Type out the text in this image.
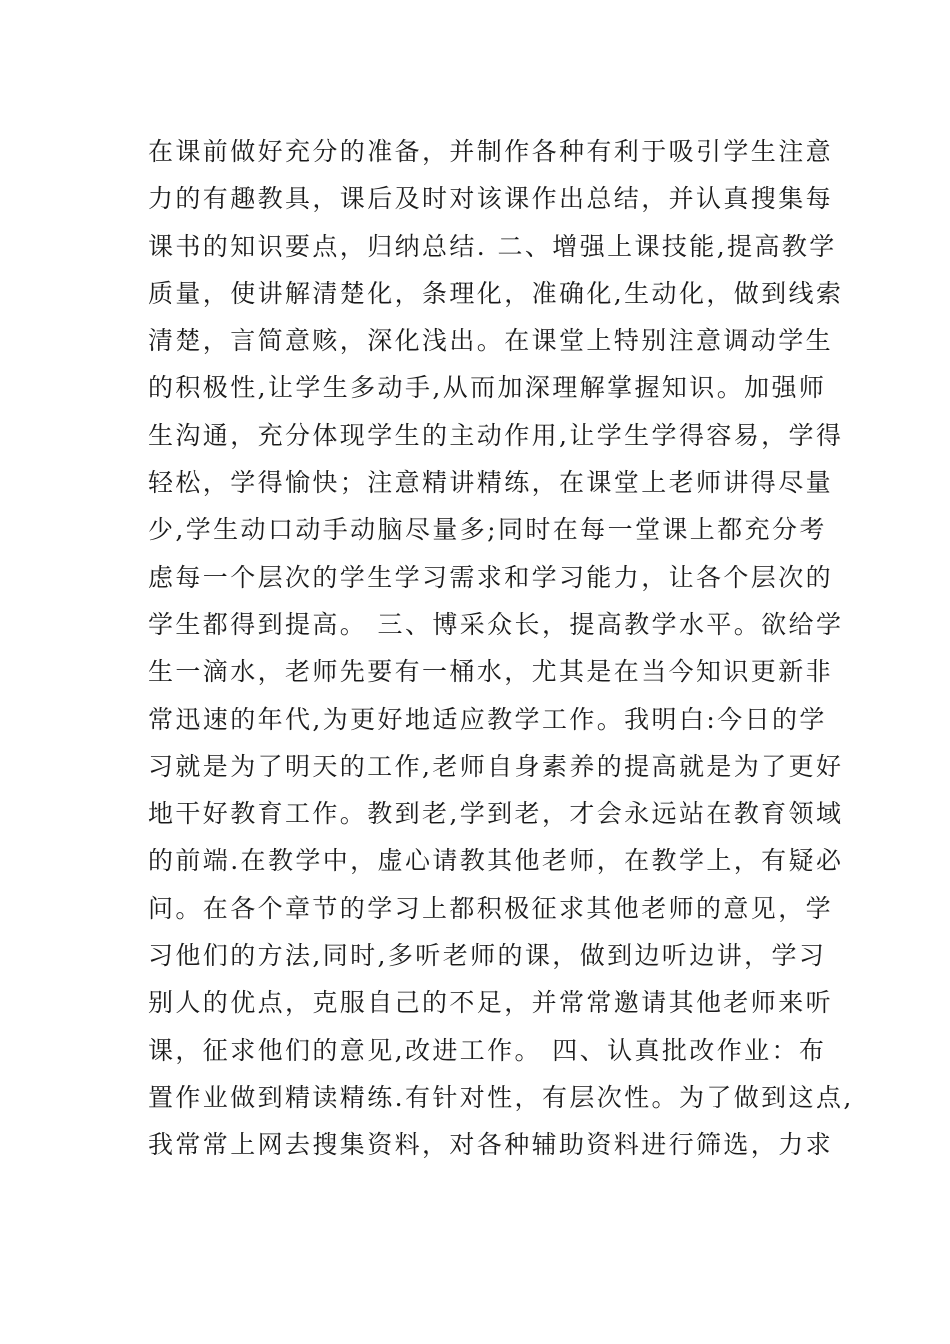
在课前做好充分的准备，并制作各种有利于吸引学生注意
力的有趣教具，课后及时对该课作出总结，并认真搜集每
课书的知识要点，归纳总结. 二、增强上课技能,提高教学
质量，使讲解清楚化，条理化，准确化,生动化，做到线索
清楚，言简意赅，深化浅出。在课堂上特别注意调动学生
的积极性,让学生多动手,从而加深理解掌握知识。加强师
生沟通，充分体现学生的主动作用,让学生学得容易，学得
轻松，学得愉快；注意精讲精练，在课堂上老师讲得尽量
少,学生动口动手动脑尽量多;同时在每一堂课上都充分考
虑每一个层次的学生学习需求和学习能力，让各个层次的
学生都得到提高。 三、博采众长，提高教学水平。欲给学
生一滴水，老师先要有一桶水，尤其是在当今知识更新非
常迅速的年代,为更好地适应教学工作。我明白:今日的学
习就是为了明天的工作,老师自身素养的提高就是为了更好
地干好教育工作。教到老,学到老，才会永远站在教育领域
的前端.在教学中，虚心请教其他老师，在教学上，有疑必
问。在各个章节的学习上都积极征求其他老师的意见，学
习他们的方法,同时,多听老师的课，做到边听边讲，学习
别人的优点，克服自己的不足，并常常邀请其他老师来听
课，征求他们的意见,改进工作。 四、认真批改作业：布
置作业做到精读精练.有针对性，有层次性。为了做到这点,
我常常上网去搜集资料，对各种辅助资料进行筛选，力求
